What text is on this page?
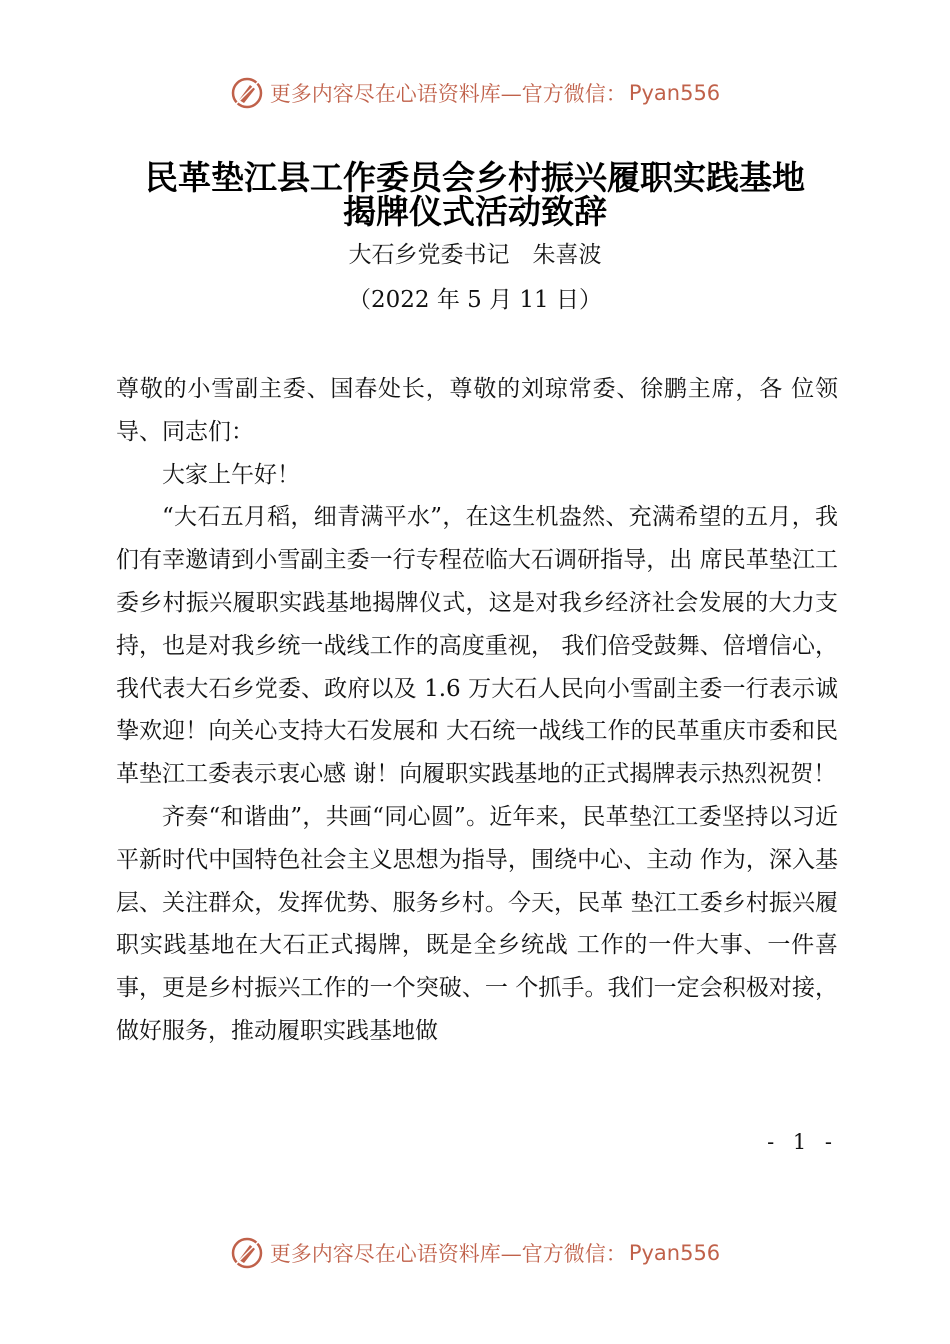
更多内容尽在心语资料库—官方微信： Pyan556
民革垫江县工作委员会乡村振兴履职实践基地
揭牌仪式活动致辞
大石乡党委书记　朱喜波
（2022 年 5 月 11 日）

尊敬的小雪副主委、国春处长，尊敬的刘琼常委、徐鹏主席，各 位领导、同志们：

大家上午好！

“大石五月稻，细青满平水”，在这生机盎然、充满希望的五月，我们有幸邀请到小雪副主委一行专程莅临大石调研指导，出 席民革垫江工委乡村振兴履职实践基地揭牌仪式，这是对我乡经济社会发展的大力支持，也是对我乡统一战线工作的高度重视， 我们倍受鼓舞、倍增信心，我代表大石乡党委、政府以及 1.6 万大石人民向小雪副主委一行表示诚挚欢迎！向关心支持大石发展和 大石统一战线工作的民革重庆市委和民革垫江工委表示衷心感 谢！向履职实践基地的正式揭牌表示热烈祝贺！

齐奏“和谐曲”，共画“同心圆”。近年来，民革垫江工委坚持以习近平新时代中国特色社会主义思想为指导，围绕中心、主动 作为，深入基层、关注群众，发挥优势、服务乡村。今天，民革 垫江工委乡村振兴履职实践基地在大石正式揭牌，既是全乡统战 工作的一件大事、一件喜事，更是乡村振兴工作的一个突破、一 个抓手。我们一定会积极对接，做好服务，推动履职实践基地做

- 1 -
更多内容尽在心语资料库—官方微信： Pyan556
